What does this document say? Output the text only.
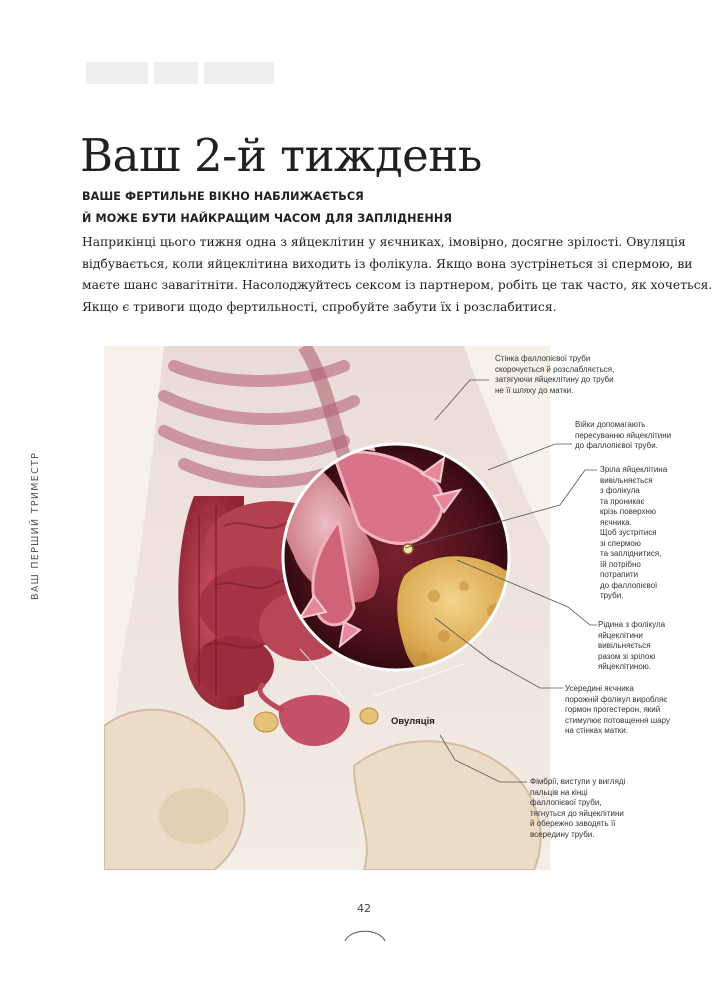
Ваш 2-й тиждень
ВАШЕ ФЕРТИЛЬНЕ ВІКНО НАБЛИЖАЄТЬСЯ
Й МОЖЕ БУТИ НАЙКРАЩИМ ЧАСОМ ДЛЯ ЗАПЛІДНЕННЯ

Наприкінці цього тижня одна з яйцеклітин у яєчниках, імовірно, досягне зрілості. Овуляція
відбувається, коли яйцеклітина виходить із фолікула. Якщо вона зустрінеться зі спермою, ви
маєте шанс завагітніти. Насолоджуйтесь сексом із партнером, робіть це так часто, як хочеться.
Якщо є тривоги щодо фертильності, спробуйте забути їх і розслабитися.

ВАШ ПЕРШИЙ ТРИМЕСТР

Стінка фаллопієвої труби
скорочується й розслабляється,
затягуючи яйцеклітину до труби
не її шляху до матки.

Війки допомагають
пересуванню яйцеклітини
до фаллопієвої труби.

Зріла яйцеклітина
вивільняється
з фолікула
та проникає
крізь поверхню
яєчника.
Щоб зустрітися
зі спермою
та запліднитися,
їй потрібно
потрапити
до фаллопієвої
труби.

Рідина з фолікула
яйцеклітини
вивільняється
разом зі зрілою
яйцеклітиною.

Усередині яєчника
порожній фолікул виробляє
гормон прогестерон, який
стимулює потовщення шару
на стінках матки.

Фімбрії, виступи у вигляді
пальців на кінці
фаллопієвої труби,
тягнуться до яйцеклітини
й обережно заводять її
всередину труби.

Овуляція
42
